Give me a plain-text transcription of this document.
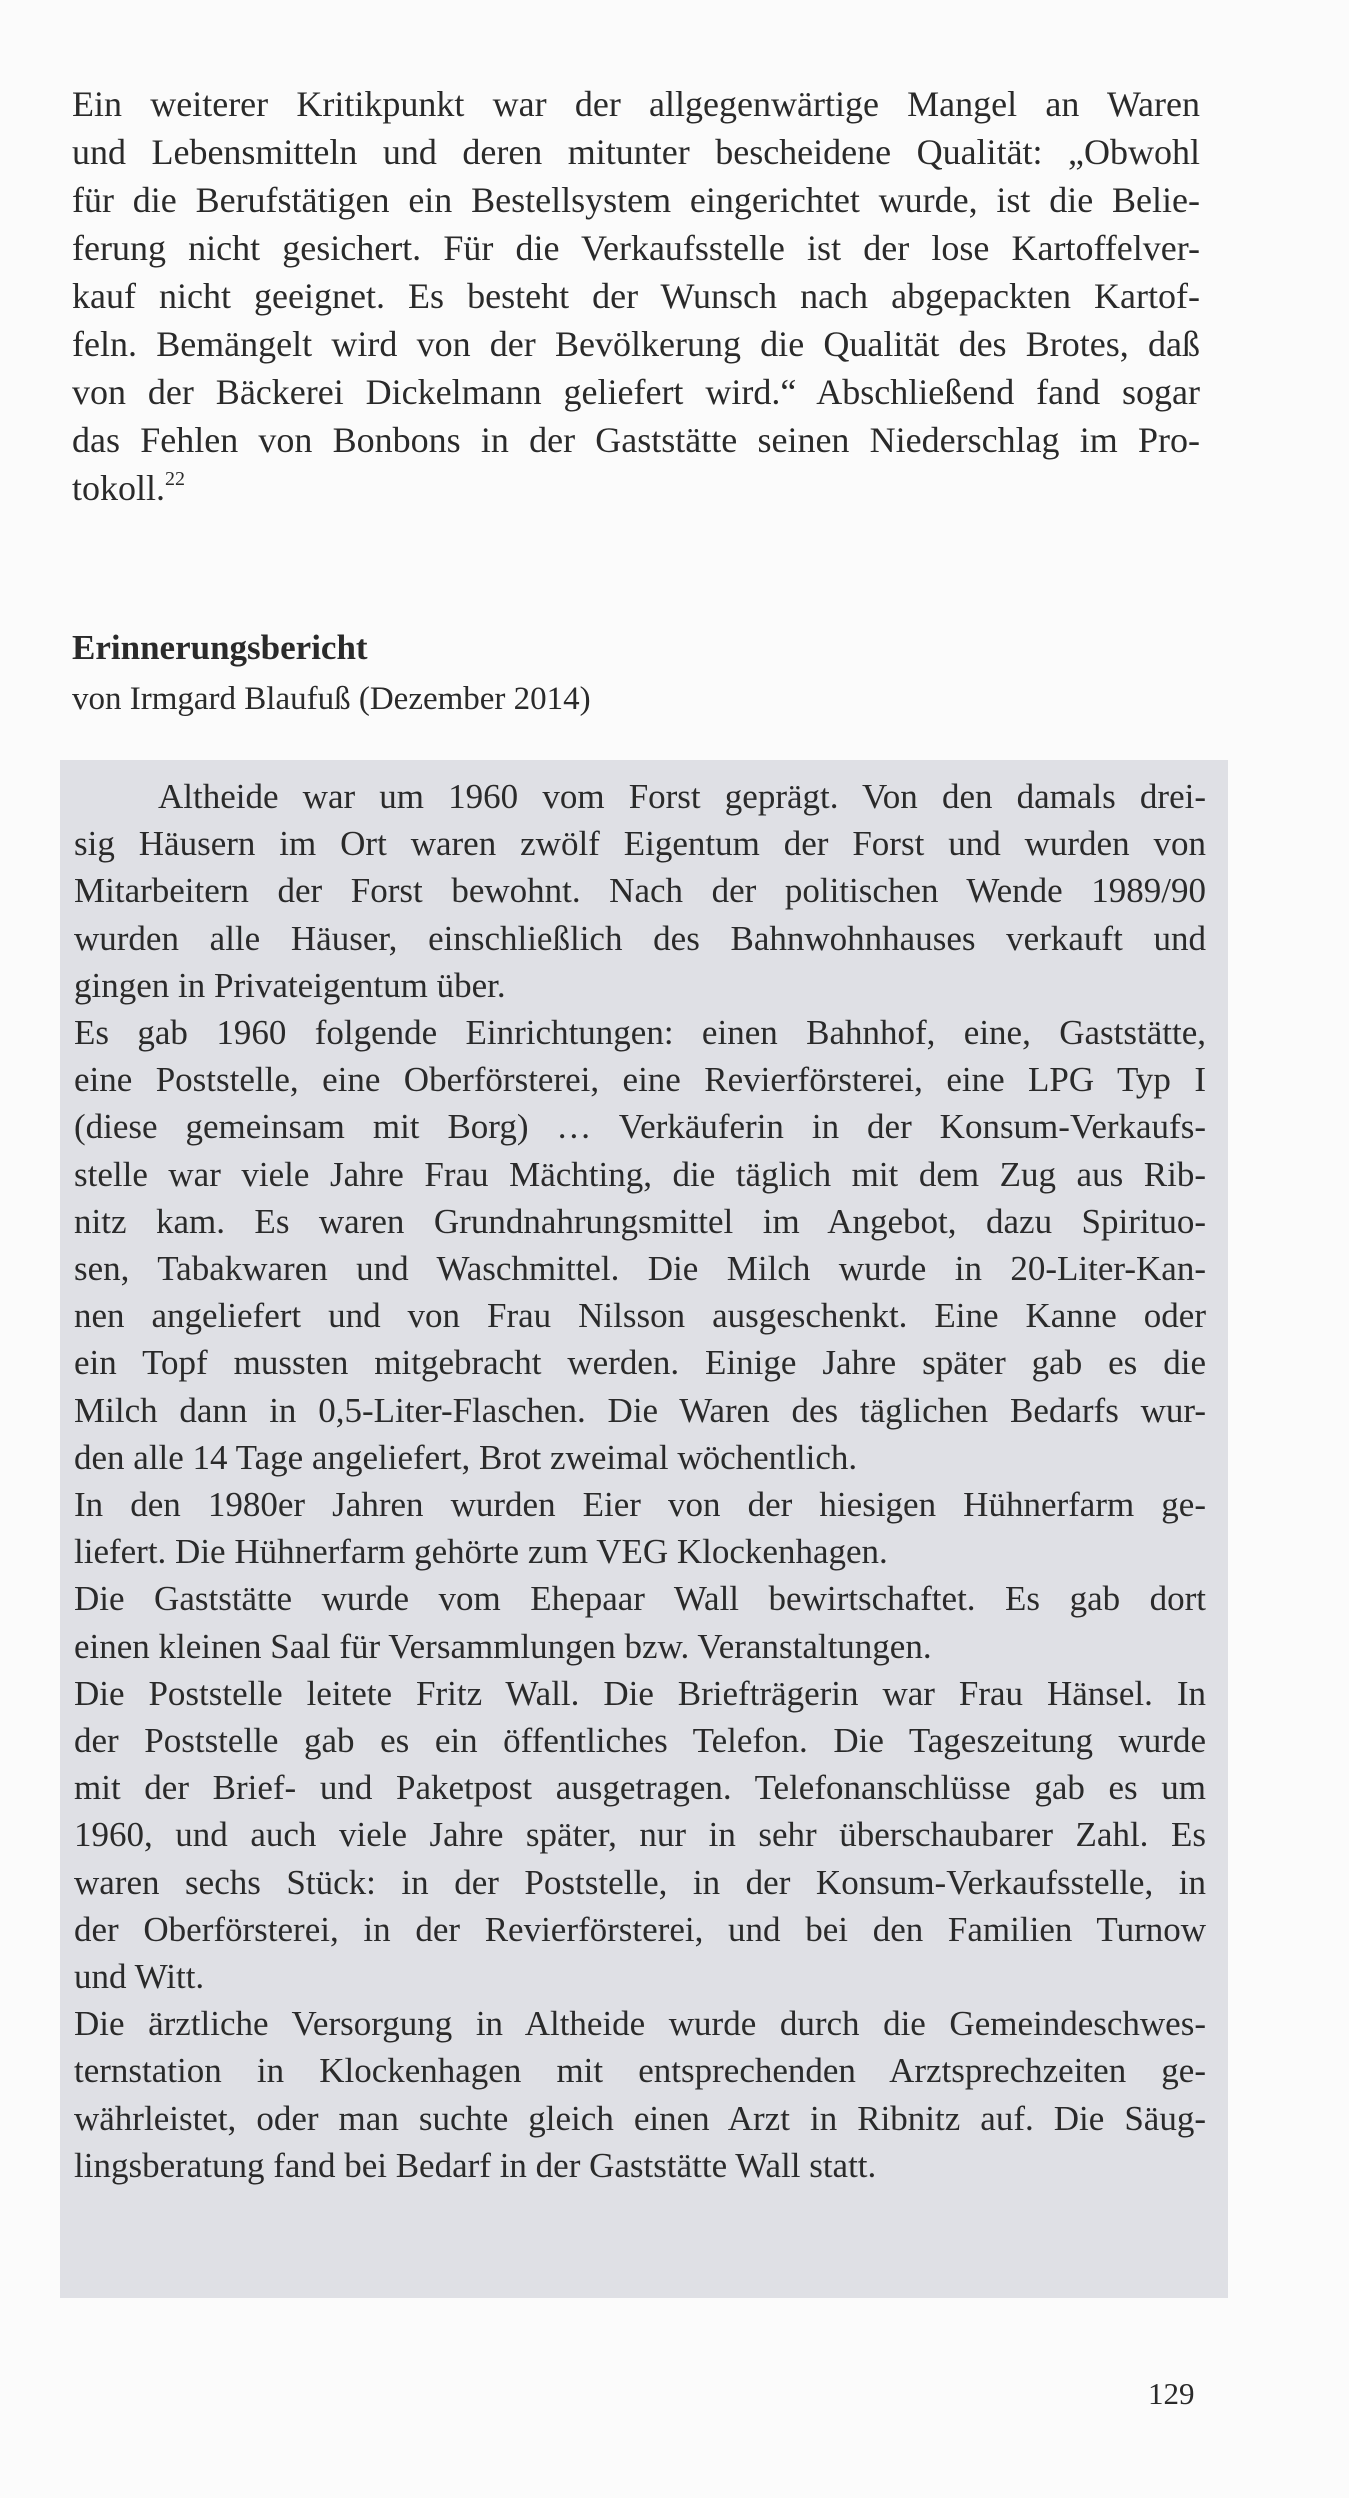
Ein weiterer Kritikpunkt war der allgegenwärtige Mangel an Waren
und Lebensmitteln und deren mitunter bescheidene Qualität: „Obwohl
für die Berufstätigen ein Bestellsystem eingerichtet wurde, ist die Belie-
ferung nicht gesichert. Für die Verkaufsstelle ist der lose Kartoffelver-
kauf nicht geeignet. Es besteht der Wunsch nach abgepackten Kartof-
feln. Bemängelt wird von der Bevölkerung die Qualität des Brotes, daß
von der Bäckerei Dickelmann geliefert wird.“ Abschließend fand sogar
das Fehlen von Bonbons in der Gaststätte seinen Niederschlag im Pro-
tokoll.$^{22}$
Erinnerungsbericht

von Irmgard Blaufuß (Dezember 2014)

Altheide war um 1960 vom Forst geprägt. Von den damals drei-
sig Häusern im Ort waren zwölf Eigentum der Forst und wurden von
Mitarbeitern der Forst bewohnt. Nach der politischen Wende 1989/90
wurden alle Häuser, einschließlich des Bahnwohnhauses verkauft und
gingen in Privateigentum über.
Es gab 1960 folgende Einrichtungen: einen Bahnhof, eine, Gaststätte,
eine Poststelle, eine Oberförsterei, eine Revierförsterei, eine LPG Typ I
(diese gemeinsam mit Borg) … Verkäuferin in der Konsum-Verkaufs-
stelle war viele Jahre Frau Mächting, die täglich mit dem Zug aus Rib-
nitz kam. Es waren Grundnahrungsmittel im Angebot, dazu Spirituo-
sen, Tabakwaren und Waschmittel. Die Milch wurde in 20-Liter-Kan-
nen angeliefert und von Frau Nilsson ausgeschenkt. Eine Kanne oder
ein Topf mussten mitgebracht werden. Einige Jahre später gab es die
Milch dann in 0,5-Liter-Flaschen. Die Waren des täglichen Bedarfs wur-
den alle 14 Tage angeliefert, Brot zweimal wöchentlich.
In den 1980er Jahren wurden Eier von der hiesigen Hühnerfarm ge-
liefert. Die Hühnerfarm gehörte zum VEG Klockenhagen.
Die Gaststätte wurde vom Ehepaar Wall bewirtschaftet. Es gab dort
einen kleinen Saal für Versammlungen bzw. Veranstaltungen.
Die Poststelle leitete Fritz Wall. Die Briefträgerin war Frau Hänsel. In
der Poststelle gab es ein öffentliches Telefon. Die Tageszeitung wurde
mit der Brief- und Paketpost ausgetragen. Telefonanschlüsse gab es um
1960, und auch viele Jahre später, nur in sehr überschaubarer Zahl. Es
waren sechs Stück: in der Poststelle, in der Konsum-Verkaufsstelle, in
der Oberförsterei, in der Revierförsterei, und bei den Familien Turnow
und Witt.
Die ärztliche Versorgung in Altheide wurde durch die Gemeindeschwes-
ternstation in Klockenhagen mit entsprechenden Arztsprechzeiten ge-
währleistet, oder man suchte gleich einen Arzt in Ribnitz auf. Die Säug-
lingsberatung fand bei Bedarf in der Gaststätte Wall statt.

129
